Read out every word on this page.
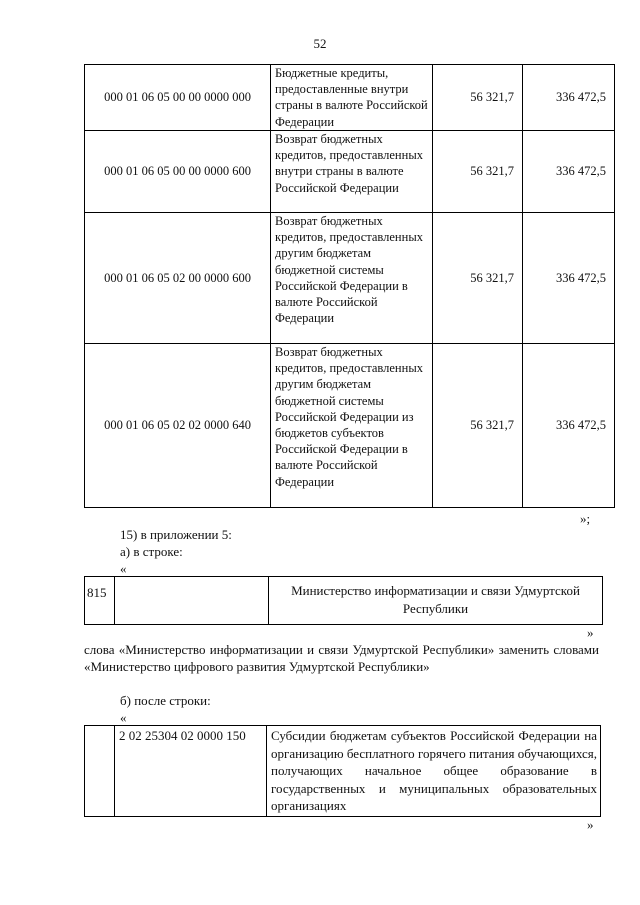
52
000 01 06 05 00 00 0000 000	Бюджетные кредиты, предоставленные внутри страны в валюте Российской Федерации	56 321,7	336 472,5
000 01 06 05 00 00 0000 600	Возврат бюджетных кредитов, предоставленных внутри страны в валюте Российской Федерации	56 321,7	336 472,5
000 01 06 05 02 00 0000 600	Возврат бюджетных кредитов, предоставленных другим бюджетам бюджетной системы Российской Федерации в валюте Российской Федерации	56 321,7	336 472,5
000 01 06 05 02 02 0000 640	Возврат бюджетных кредитов, предоставленных другим бюджетам бюджетной системы Российской Федерации из бюджетов субъектов Российской Федерации в валюте Российской Федерации	56 321,7	336 472,5
»;
15) в приложении 5:
а) в строке:
«
815		Министерство информатизации и связи Удмуртской Республики
»
слова «Министерство информатизации и связи Удмуртской Республики» заменить словами «Министерство цифрового развития Удмуртской Республики»
б) после строки:
«
	2 02 25304 02 0000 150	Субсидии бюджетам субъектов Российской Федерации на организацию бесплатного горячего питания обучающихся, получающих начальное общее образование в государственных и муниципальных образовательных организациях
»
